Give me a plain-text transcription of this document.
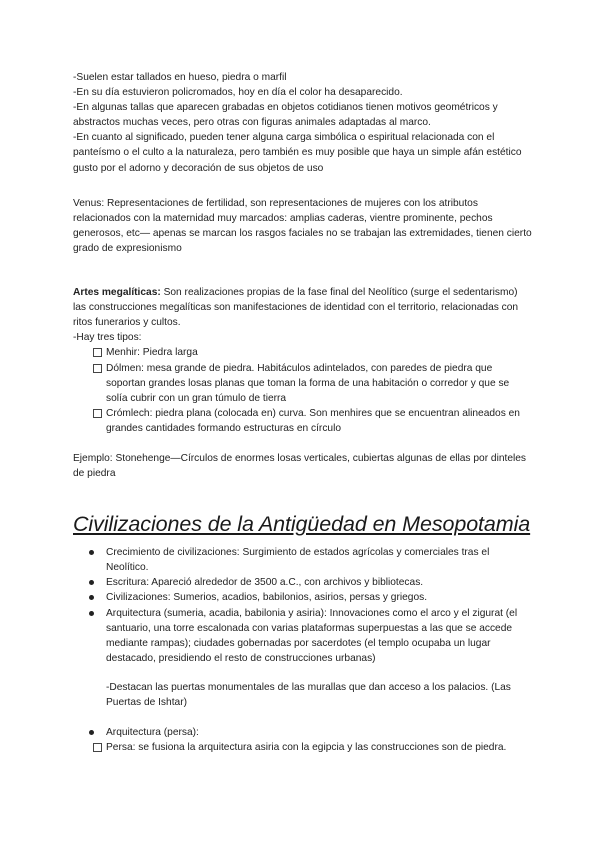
-Suelen estar tallados en hueso, piedra o marfil

-En su día estuvieron policromados, hoy en día el color ha desaparecido.

-En algunas tallas que aparecen grabadas en objetos cotidianos tienen motivos geométricos y abstractos muchas veces, pero otras con figuras animales adaptadas al marco.

-En cuanto al significado, pueden tener alguna carga simbólica o espiritual relacionada con el panteísmo o el culto a la naturaleza, pero también es muy posible que haya un simple afán estético gusto por el adorno y decoración de sus objetos de uso

Venus: Representaciones de fertilidad, son representaciones de mujeres con los atributos relacionados con la maternidad muy marcados: amplias caderas, vientre prominente, pechos generosos, etc— apenas se marcan los rasgos faciales no se trabajan las extremidades, tienen cierto grado de expresionismo

Artes megalíticas: Son realizaciones propias de la fase final del Neolítico (surge el sedentarismo) las construcciones megalíticas son manifestaciones de identidad con el territorio, relacionadas con ritos funerarios y cultos.

-Hay tres tipos:

Menhir: Piedra larga
Dólmen: mesa grande de piedra. Habitáculos adintelados, con paredes de piedra que soportan grandes losas planas que toman la forma de una habitación o corredor y que se solía cubrir con un gran túmulo de tierra
Crómlech: piedra plana (colocada en) curva. Son menhires que se encuentran alineados en grandes cantidades formando estructuras en círculo

Ejemplo: Stonehenge—Círculos de enormes losas verticales, cubiertas algunas de ellas por dinteles de piedra

Civilizaciones de la Antigüedad en Mesopotamia
Crecimiento de civilizaciones: Surgimiento de estados agrícolas y comerciales tras el Neolítico.
Escritura: Apareció alrededor de 3500 a.C., con archivos y bibliotecas.
Civilizaciones: Sumerios, acadios, babilonios, asirios, persas y griegos.
Arquitectura (sumeria, acadia, babilonia y asiria): Innovaciones como el arco y el zigurat (el santuario, una torre escalonada con varias plataformas superpuestas a las que se accede mediante rampas); ciudades gobernadas por sacerdotes (el templo ocupaba un lugar destacado, presidiendo el resto de construcciones urbanas)

-Destacan las puertas monumentales de las murallas que dan acceso a los palacios. (Las Puertas de Ishtar)

Arquitectura (persa):
Persa: se fusiona la arquitectura asiria con la egipcia y las construcciones son de piedra.
